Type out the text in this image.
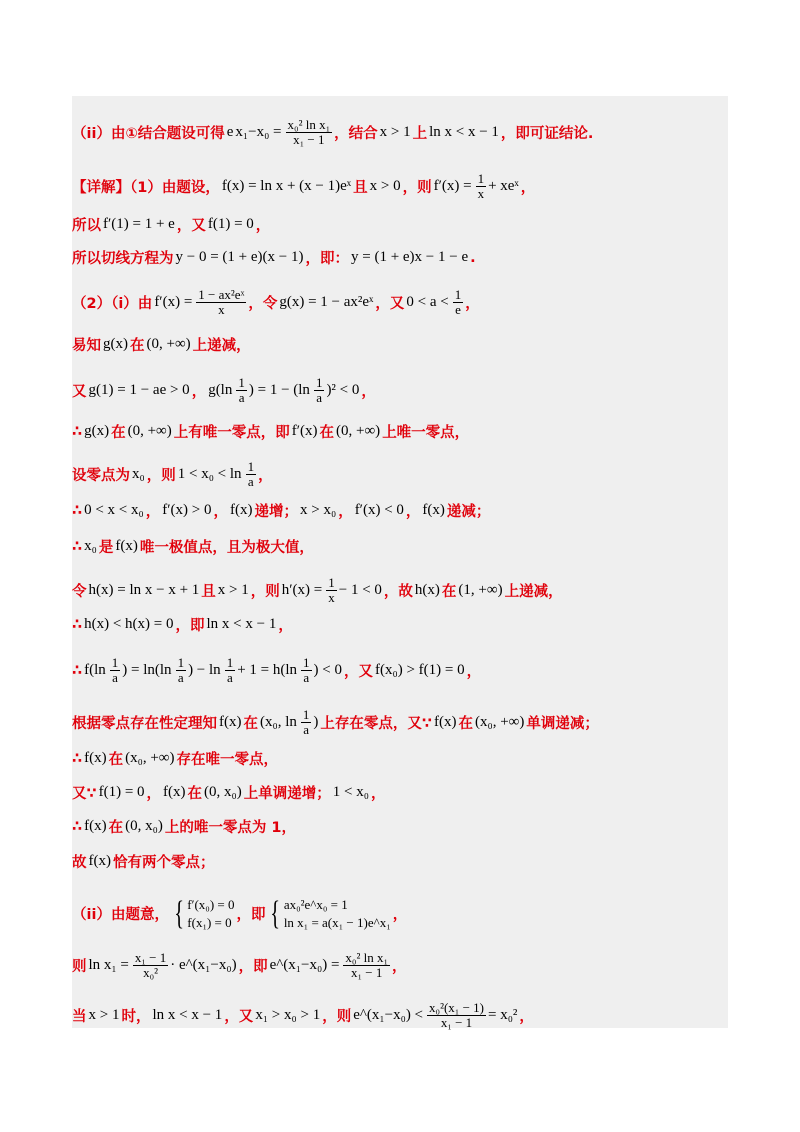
（ii）由①结合题设可得 e $x_1-x_0 = \frac{\text{x₀² ln x₁}}{\text{x₁ − 1}}$ ，结合 x > 1 上 ln x < x − 1 ，即可证结论.
【详解】（1）由题设， f(x) = ln x + (x − 1)eˣ 且 x > 0 ，则 $f'(x) = \frac{1}{x}$ + xeˣ ，
所以 f′(1) = 1 + e ，又 f(1) = 0 ，
所以切线方程为 y − 0 = (1 + e)(x − 1) ，即： y = (1 + e)x − 1 − e .
（2）（i）由 $f'(x) = \frac{\text{1 − ax²eˣ}}{x}$ ，令 g(x) = 1 − ax²eˣ ，又 $0 < a < \frac{1}{e}$ ，
易知 g(x) 在 (0, +∞) 上递减，
又 g(1) = 1 − ae > 0 ， $g(\ln \frac{1}{a}$ ) = $1 - (\ln \frac{1}{a} )^2 < 0$ ，
∴ g(x) 在 (0, +∞) 上有唯一零点，即 f′(x) 在 (0, +∞) 上唯一零点，
设零点为 x₀ ，则 $1 < x_0 < \ln \frac{1}{a}$ ，
∴ 0 < x < x₀ ， f′(x) > 0 ， f(x) 递增； x > x₀ ， f′(x) < 0 ， f(x) 递减；
∴ x₀ 是 f(x) 唯一极值点，且为极大值，
令 h(x) = ln x − x + 1 且 x > 1 ，则 $h'(x) = \frac{1}{x} - 1 < 0$ ，故 h(x) 在 (1, +∞) 上递减，
∴ h(x) < h(x) = 0 ，即 ln x < x − 1 ，
∴ $f(\ln \frac{1}{a}$ ) = $\ln(\ln \frac{1}{a}$ ) − $\ln \frac{1}{a} + 1 = h(\ln \frac{1}{a}$ ) < 0 ，又 f(x₀) > f(1) = 0 ，
根据零点存在性定理知 f(x) 在 (x₀, $\ln \frac{1}{a}$ ) 上存在零点，又∵ f(x) 在 (x₀, +∞) 单调递减；
∴ f(x) 在 (x₀, +∞) 存在唯一零点，
又∵ f(1) = 0 ， f(x) 在 (0, x₀) 上单调递增； 1 < x₀ ，
∴ f(x) 在 (0, x₀) 上的唯一零点为 1，
故 f(x) 恰有两个零点；
（ii）由题意， { f′(x₀) = 0
f(x₁) = 0 ，即 { ax₀²e^x₀ = 1
ln x₁ = a(x₁ − 1)e^x₁ ，
则 $\ln x_1 = \frac{\text{x₁ − 1}}{\text{x₀²}}$ · e^(x₁−x₀) ，即 e^(x₁−x₀) = $\frac{\text{x₀² ln x₁}}{\text{x₁ − 1}}$ ，
当 x > 1 时， ln x < x − 1 ，又 x₁ > x₀ > 1 ，则 e^(x₁−x₀) < $\frac{\text{x₀²(x₁ − 1)}}{\text{x₁ − 1}} = x_0^2$ ，
